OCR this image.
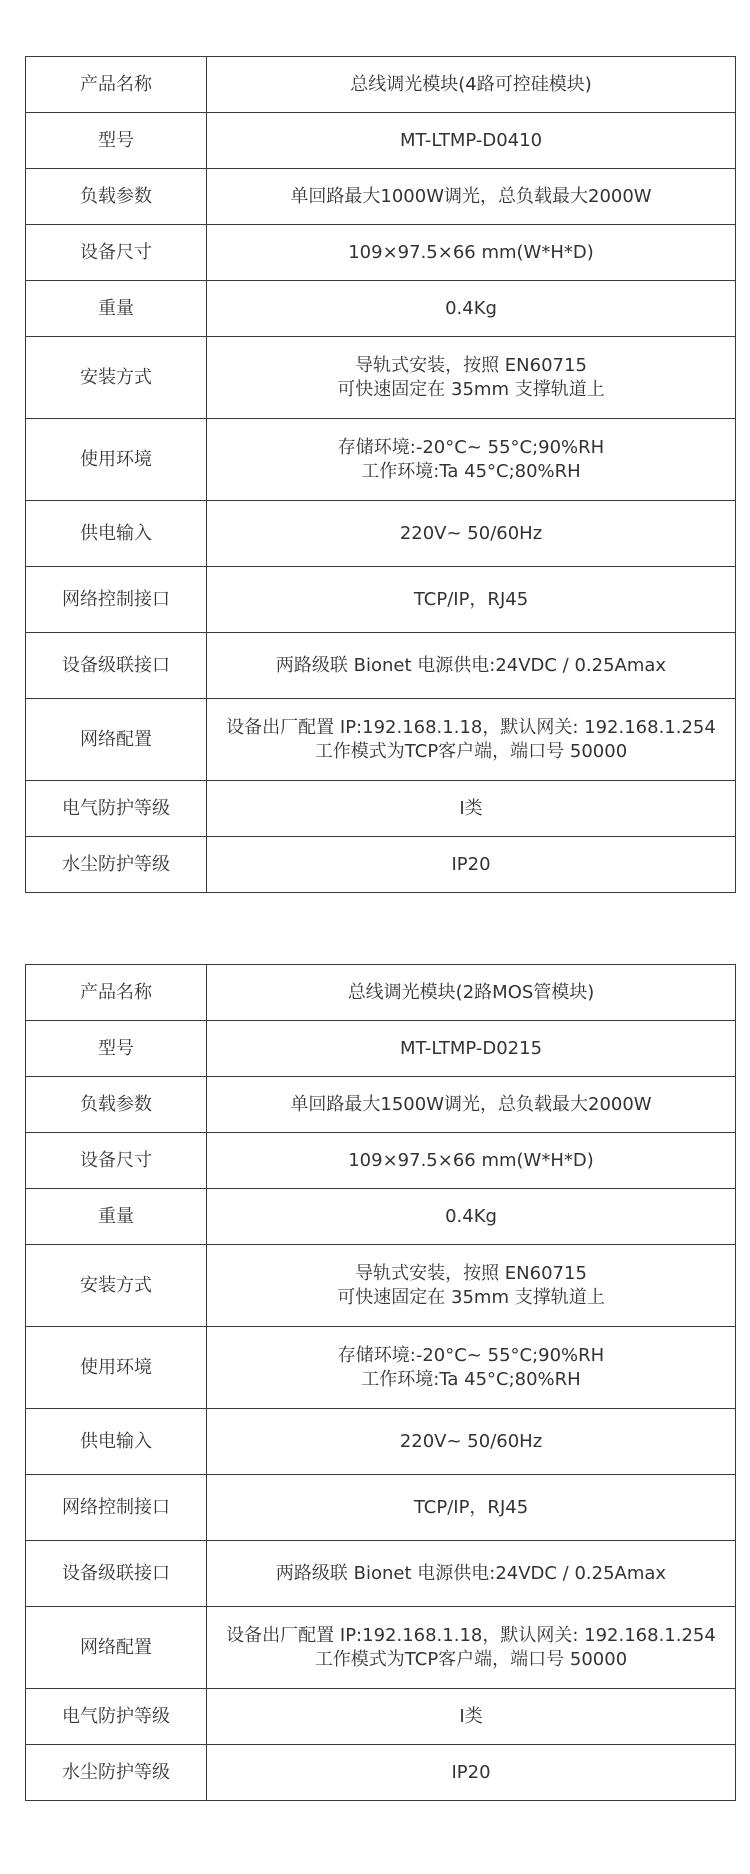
产品名称	总线调光模块(4路可控硅模块)

型号	MT-LTMP-D0410

负载参数	单回路最大1000W调光，总负载最大2000W

设备尺寸	109×97.5×66 mm(W*H*D)

重量	0.4Kg

安装方式	导轨式安装，按照 EN60715
可快速固定在 35mm 支撑轨道上

使用环境	存储环境:-20°C~ 55°C;90%RH
工作环境:Ta 45°C;80%RH

供电输入	220V~ 50/60Hz

网络控制接口	TCP/IP，RJ45

设备级联接口	两路级联 Bionet 电源供电:24VDC / 0.25Amax

网络配置	设备出厂配置 IP:192.168.1.18，默认网关: 192.168.1.254
工作模式为TCP客户端，端口号 50000

电气防护等级	I类

水尘防护等级	IP20
产品名称	总线调光模块(2路MOS管模块)

型号	MT-LTMP-D0215

负载参数	单回路最大1500W调光，总负载最大2000W

设备尺寸	109×97.5×66 mm(W*H*D)

重量	0.4Kg

安装方式	导轨式安装，按照 EN60715
可快速固定在 35mm 支撑轨道上

使用环境	存储环境:-20°C~ 55°C;90%RH
工作环境:Ta 45°C;80%RH

供电输入	220V~ 50/60Hz

网络控制接口	TCP/IP，RJ45

设备级联接口	两路级联 Bionet 电源供电:24VDC / 0.25Amax

网络配置	设备出厂配置 IP:192.168.1.18，默认网关: 192.168.1.254
工作模式为TCP客户端，端口号 50000

电气防护等级	I类

水尘防护等级	IP20
